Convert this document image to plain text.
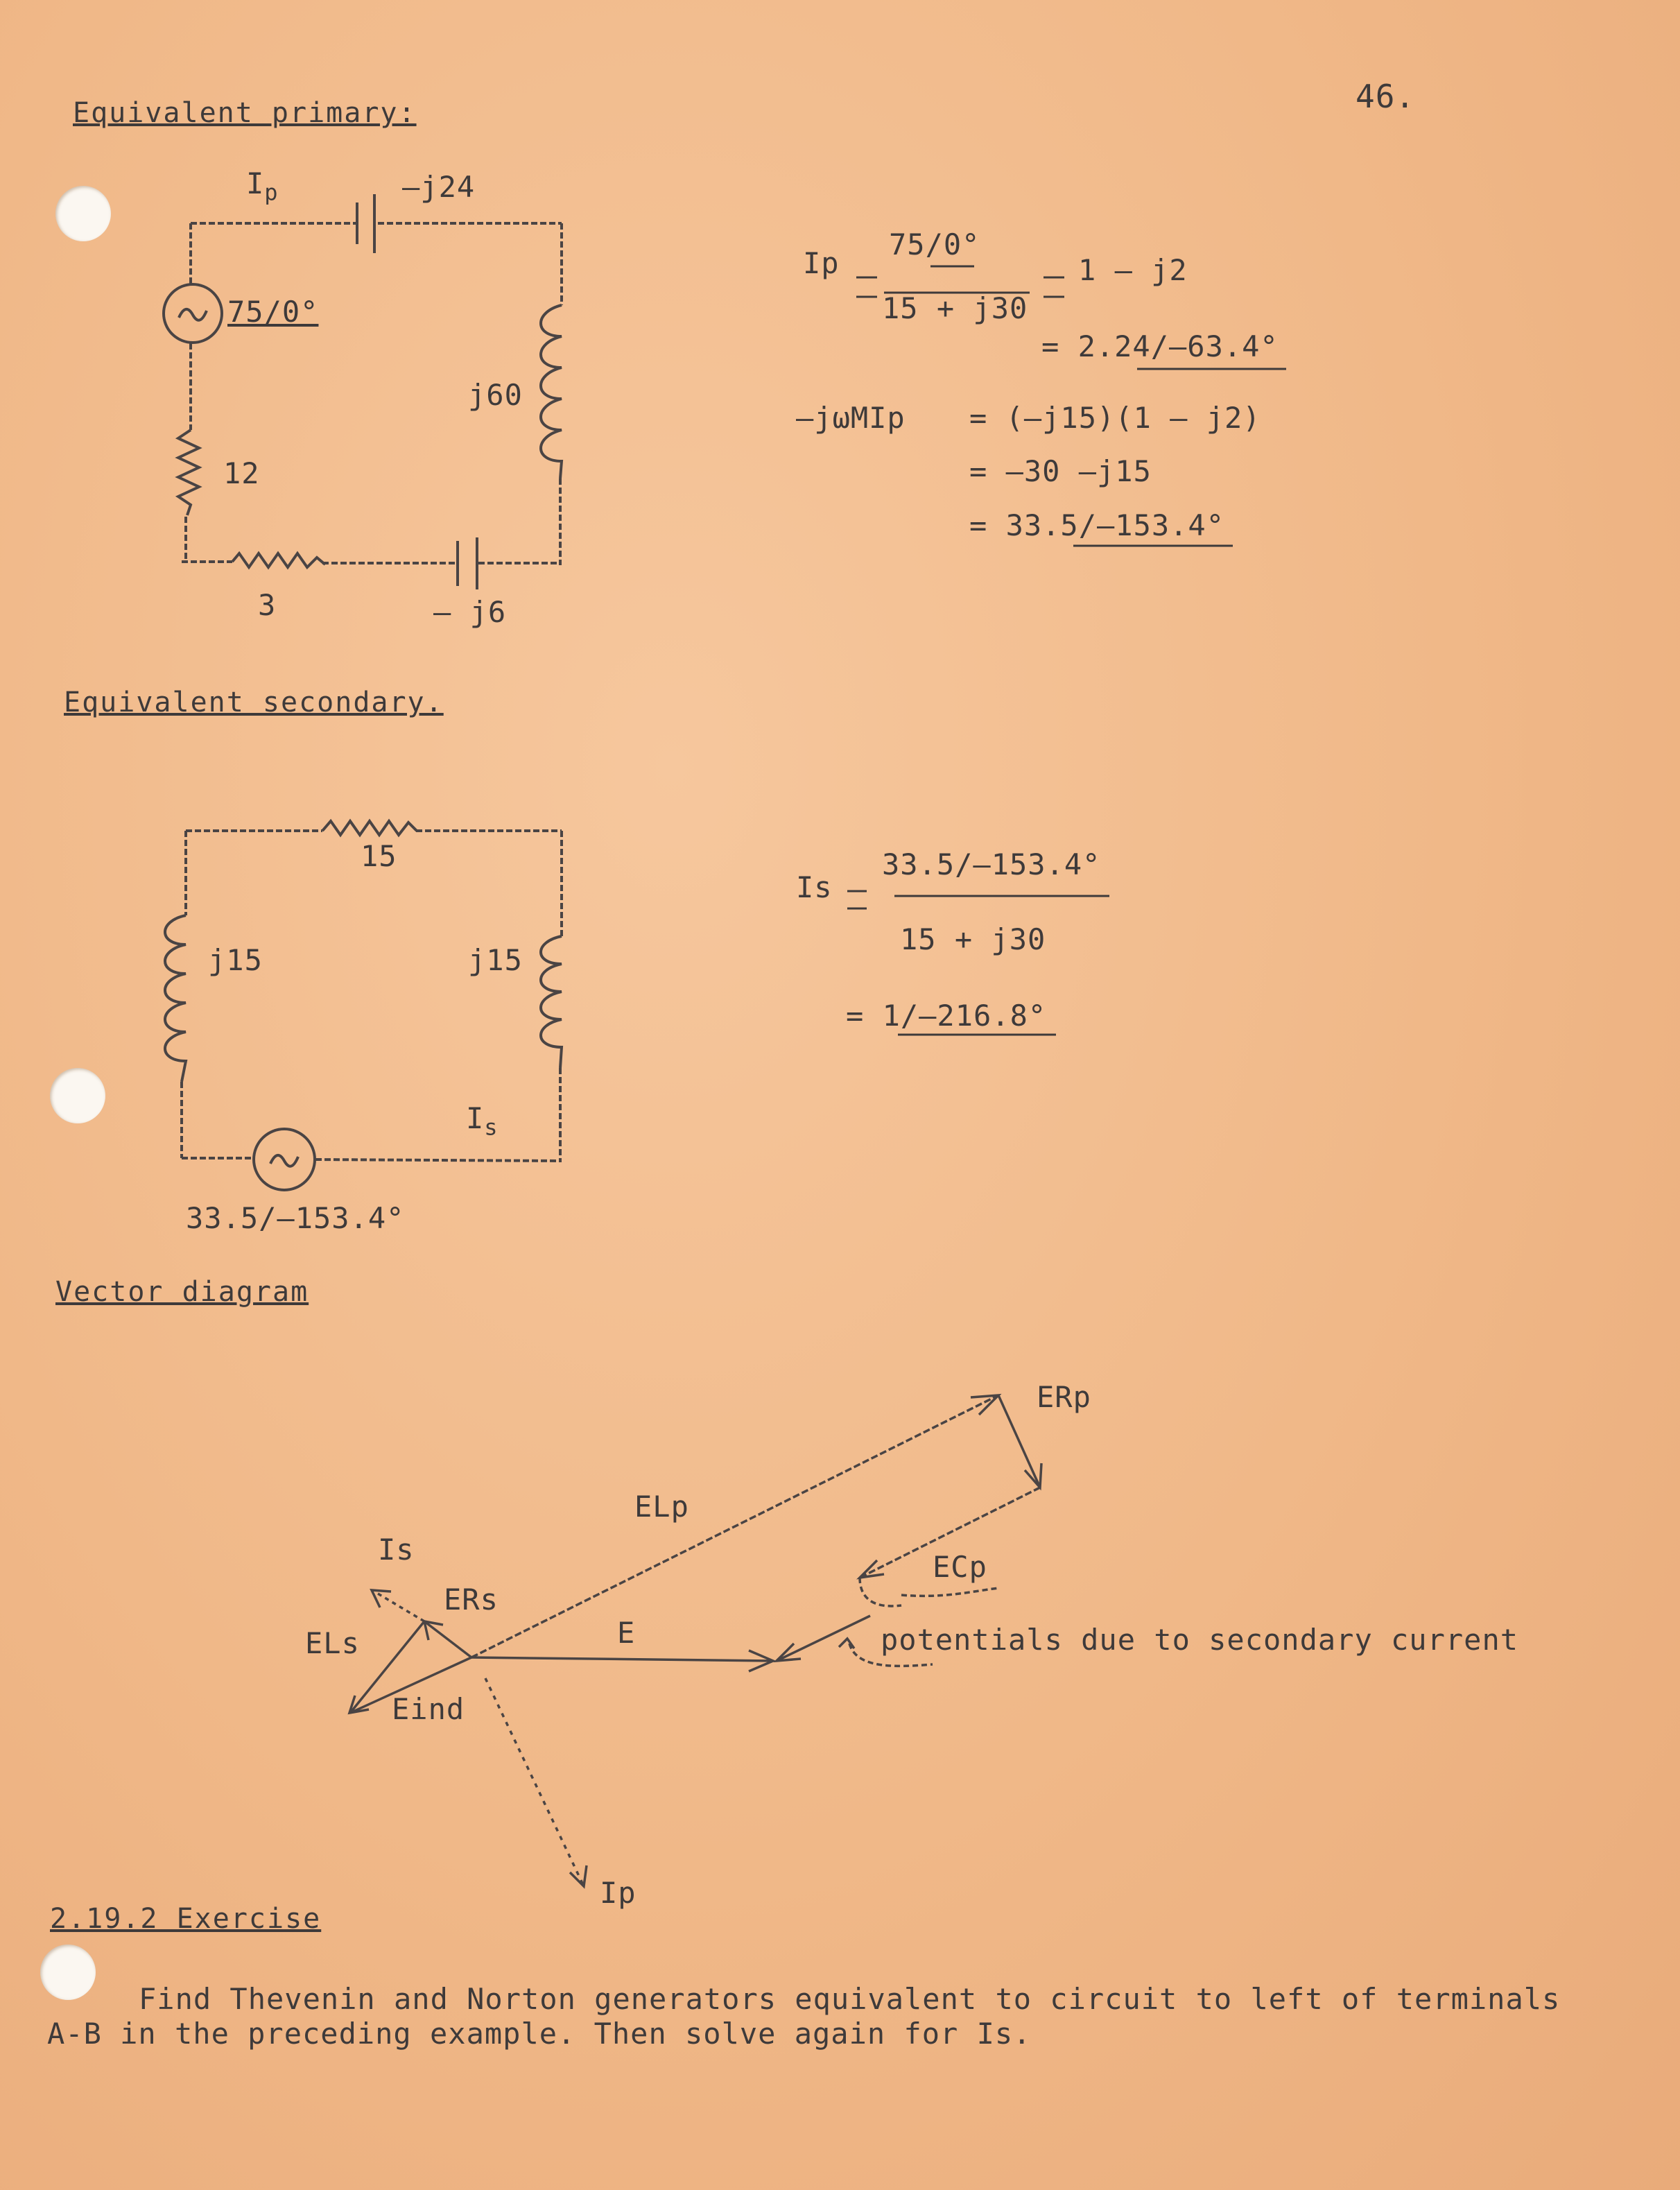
46.
Equivalent primary:
Equivalent secondary.
Vector diagram
2.19.2 Exercise
$I_p$	—j24
75/0°
j60
12
3	— j6
Ip
75/0°
15 + j30
1 — j2
= 2.24/—63.4°
—jωMIp = (—j15)(1 — j2)
= —30 —j15
= 33.5/—153.4°
15
j15	j15
$I_s$
33.5/—153.4°
Is
33.5/—153.4°
15 + j30
= 1/—216.8°
E
ELp
ERp
ECp
ERs
ELs
Eind
Is
Ip
potentials due to secondary current
Find Thevenin and Norton generators equivalent to circuit to left of terminals
A-B in the preceding example. Then solve again for Is.
